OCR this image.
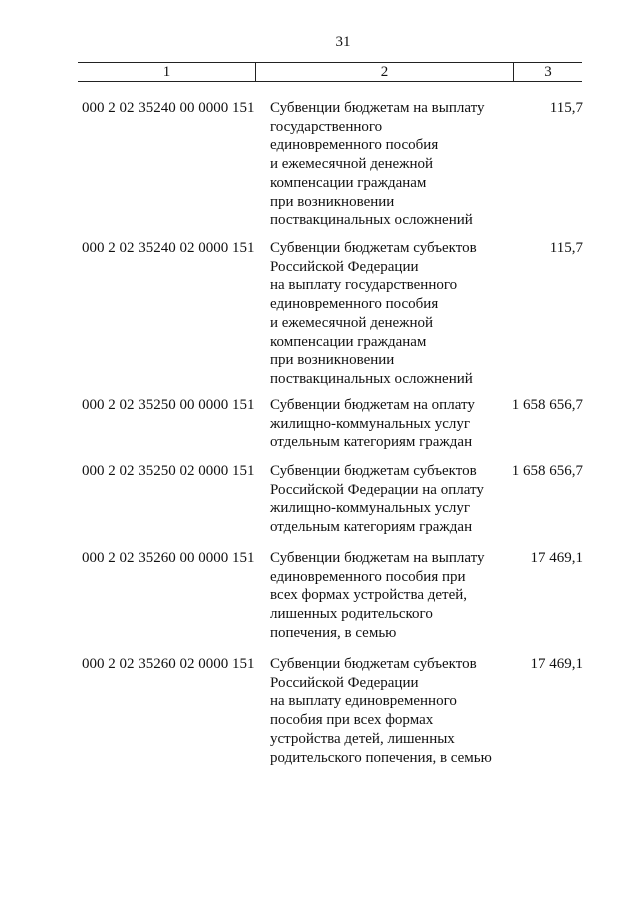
31
1	2	3
000 2 02 35240 00 0000 151 Субвенции бюджетам на выплату
государственного
единовременного пособия
и ежемесячной денежной
компенсации гражданам
при возникновении
поствакцинальных осложнений
115,7
000 2 02 35240 02 0000 151 Субвенции бюджетам субъектов
Российской Федерации
на выплату государственного
единовременного пособия
и ежемесячной денежной
компенсации гражданам
при возникновении
поствакцинальных осложнений
115,7
000 2 02 35250 00 0000 151 Субвенции бюджетам на оплату
жилищно-коммунальных услуг
отдельным категориям граждан
1 658 656,7
000 2 02 35250 02 0000 151 Субвенции бюджетам субъектов
Российской Федерации на оплату
жилищно-коммунальных услуг
отдельным категориям граждан
1 658 656,7
000 2 02 35260 00 0000 151 Субвенции бюджетам на выплату
единовременного пособия при
всех формах устройства детей,
лишенных родительского
попечения, в семью
17 469,1
000 2 02 35260 02 0000 151 Субвенции бюджетам субъектов
Российской Федерации
на выплату единовременного
пособия при всех формах
устройства детей, лишенных
родительского попечения, в семью
17 469,1
